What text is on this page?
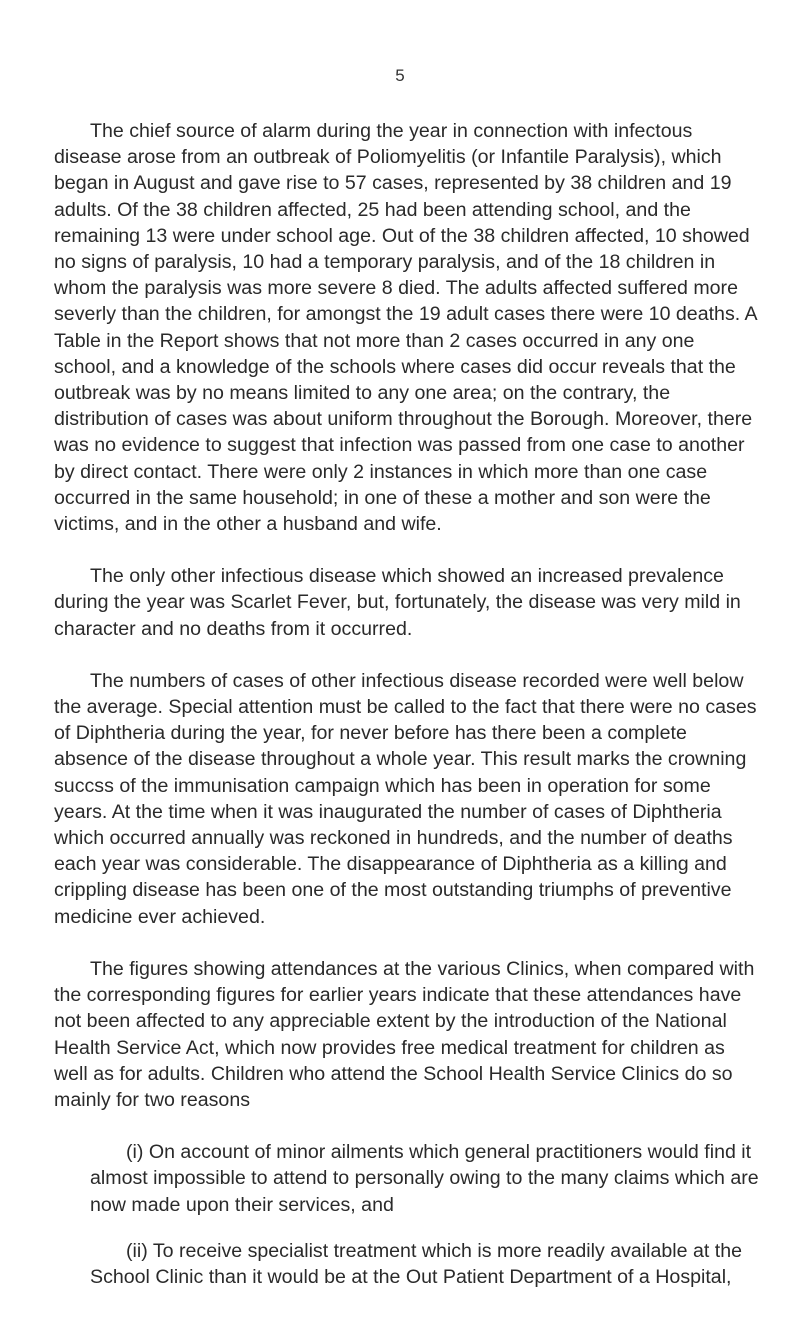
5

The chief source of alarm during the year in connection with infectous disease arose from an outbreak of Poliomyelitis (or Infantile Paralysis), which began in August and gave rise to 57 cases, represented by 38 children and 19 adults. Of the 38 children affected, 25 had been attending school, and the remaining 13 were under school age. Out of the 38 children affected, 10 showed no signs of paralysis, 10 had a temporary paralysis, and of the 18 children in whom the paralysis was more severe 8 died. The adults affected suffered more severly than the children, for amongst the 19 adult cases there were 10 deaths. A Table in the Report shows that not more than 2 cases occurred in any one school, and a knowledge of the schools where cases did occur reveals that the outbreak was by no means limited to any one area; on the contrary, the distribution of cases was about uniform throughout the Borough. Moreover, there was no evidence to suggest that infection was passed from one case to another by direct contact. There were only 2 instances in which more than one case occurred in the same household; in one of these a mother and son were the victims, and in the other a husband and wife.

The only other infectious disease which showed an increased prevalence during the year was Scarlet Fever, but, fortunately, the disease was very mild in character and no deaths from it occurred.

The numbers of cases of other infectious disease recorded were well below the average. Special attention must be called to the fact that there were no cases of Diphtheria during the year, for never before has there been a complete absence of the disease throughout a whole year. This result marks the crowning succss of the immunisation campaign which has been in operation for some years. At the time when it was inaugurated the number of cases of Diphtheria which occurred annually was reckoned in hundreds, and the number of deaths each year was considerable. The disappearance of Diphtheria as a killing and crippling disease has been one of the most outstanding triumphs of preventive medicine ever achieved.

The figures showing attendances at the various Clinics, when compared with the corresponding figures for earlier years indicate that these attendances have not been affected to any appreciable extent by the introduction of the National Health Service Act, which now provides free medical treatment for children as well as for adults. Children who attend the School Health Service Clinics do so mainly for two reasons

(i) On account of minor ailments which general practitioners would find it almost impossible to attend to personally owing to the many claims which are now made upon their services, and

(ii) To receive specialist treatment which is more readily available at the School Clinic than it would be at the Out Patient Department of a Hospital,
